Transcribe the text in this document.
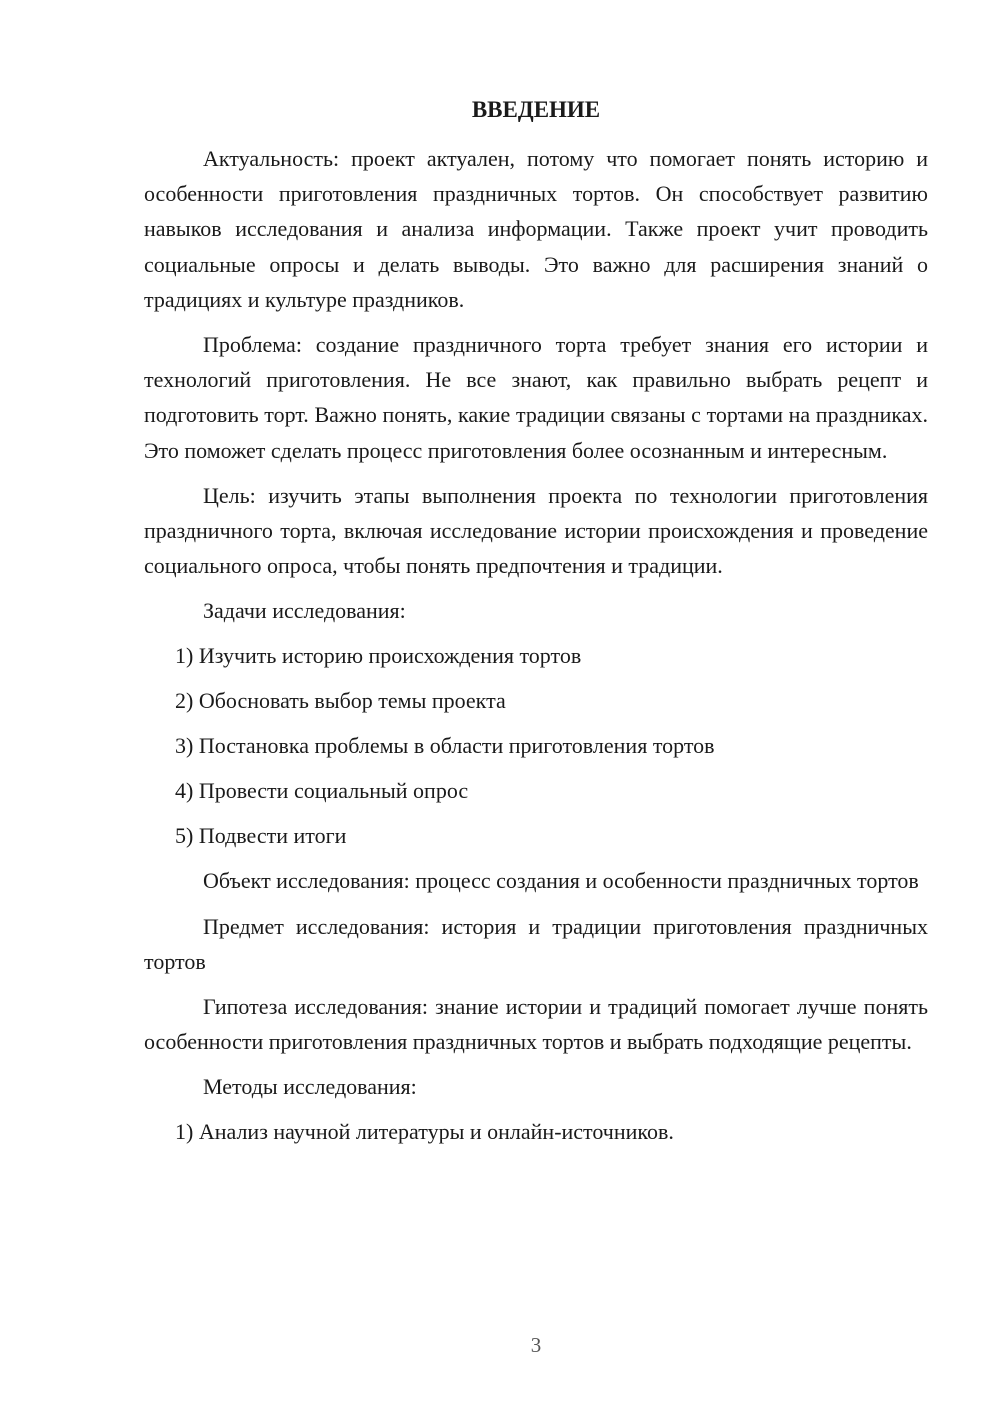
ВВЕДЕНИЕ

Актуальность: проект актуален, потому что помогает понять историю и особенности приготовления праздничных тортов. Он способствует развитию навыков исследования и анализа информации. Также проект учит проводить социальные опросы и делать выводы. Это важно для расширения знаний о традициях и культуре праздников.

Проблема: создание праздничного торта требует знания его истории и технологий приготовления. Не все знают, как правильно выбрать рецепт и подготовить торт. Важно понять, какие традиции связаны с тортами на праздниках. Это поможет сделать процесс приготовления более осознанным и интересным.

Цель: изучить этапы выполнения проекта по технологии приготовления праздничного торта, включая исследование истории происхождения и проведение социального опроса, чтобы понять предпочтения и традиции.

Задачи исследования:
1) Изучить историю происхождения тортов
2) Обосновать выбор темы проекта
3) Постановка проблемы в области приготовления тортов
4) Провести социальный опрос
5) Подвести итоги

Объект исследования: процесс создания и особенности праздничных тортов

Предмет исследования: история и традиции приготовления праздничных тортов

Гипотеза исследования: знание истории и традиций помогает лучше понять особенности приготовления праздничных тортов и выбрать подходящие рецепты.

Методы исследования:
1) Анализ научной литературы и онлайн-источников.
3
